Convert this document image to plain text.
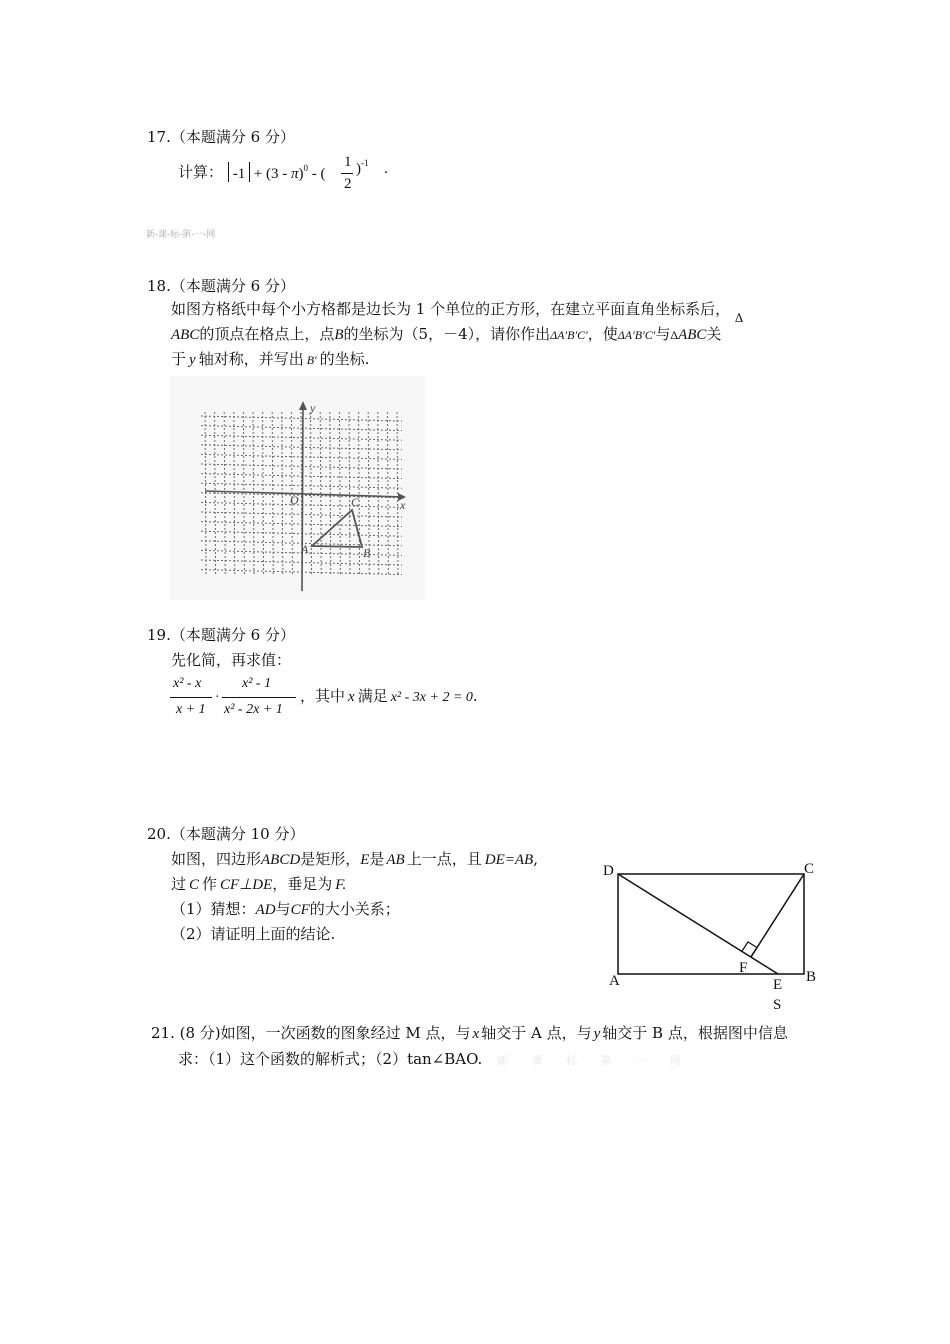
17.（本题满分 6 分）
计算： -1 + (3 - π)$^0$ - (
1
2
)$^{-1}$ .
新-课-标-第-一-网
18.（本题满分 6 分）
如图方格纸中每个小方格都是边长为 1 个单位的正方形，在建立平面直角坐标系后， Δ
ABC的顶点在格点上，点B的坐标为（5，－4），请你作出ΔA′B′C′，使ΔA′B′C′与ΔABC关
于 y 轴对称，并写出 B′ 的坐标.
y
x
O
A	B
C
19.（本题满分 6 分）
先化简，再求值：
x² - x
x + 1
·
x² - 1
x² - 2x + 1
，其中 x 满足 x² - 3x + 2 = 0.
20.（本题满分 10 分）
如图，四边形ABCD是矩形，E是 AB 上一点，且 DE=AB,
过 C 作 CF⊥DE，垂足为 F.
（1）猜想：AD与CF的大小关系；
（2）请证明上面的结论.
D	C
A	B
F
E
S
21. (8 分)如图，一次函数的图象经过 M 点，与 x 轴交于 A 点，与 y 轴交于 B 点，根据图中信息
求：（1）这个函数的解析式；（2）tan∠BAO. 新 课 标 第 一 网
